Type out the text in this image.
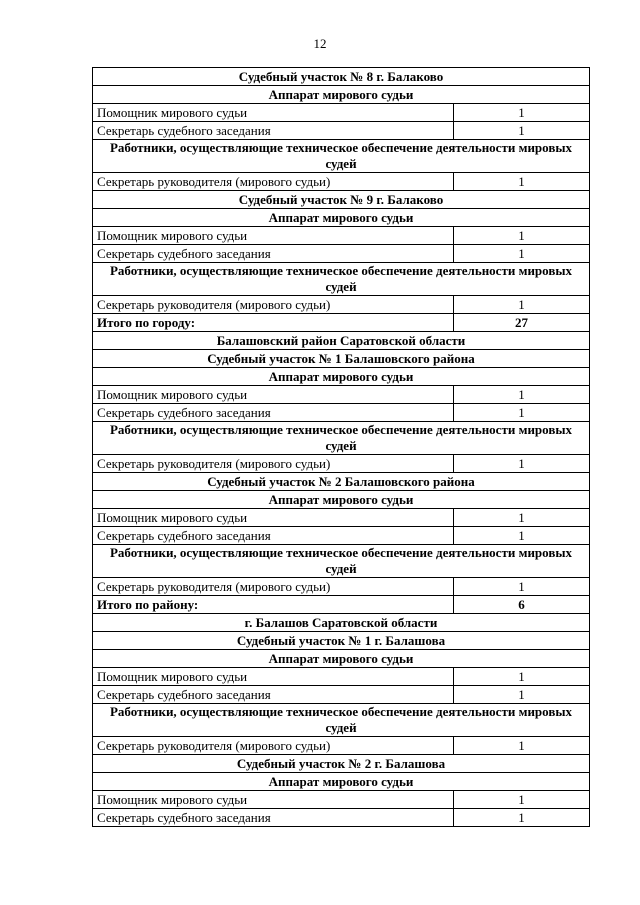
12
Судебный участок № 8 г. Балаково	
Аппарат мирового судьи	
Помощник мирового судьи	1
Секретарь судебного заседания	1
Работники, осуществляющие техническое обеспечение деятельности мировых судей	
Секретарь руководителя (мирового судьи)	1
Судебный участок № 9 г. Балаково	
Аппарат мирового судьи	
Помощник мирового судьи	1
Секретарь судебного заседания	1
Работники, осуществляющие техническое обеспечение деятельности мировых судей	
Секретарь руководителя (мирового судьи)	1
Итого по городу:	27
Балашовский район Саратовской области	
Судебный участок № 1 Балашовского района	
Аппарат мирового судьи	
Помощник мирового судьи	1
Секретарь судебного заседания	1
Работники, осуществляющие техническое обеспечение деятельности мировых судей	
Секретарь руководителя (мирового судьи)	1
Судебный участок № 2 Балашовского района	
Аппарат мирового судьи	
Помощник мирового судьи	1
Секретарь судебного заседания	1
Работники, осуществляющие техническое обеспечение деятельности мировых судей	
Секретарь руководителя (мирового судьи)	1
Итого по району:	6
г. Балашов Саратовской области	
Судебный участок № 1 г. Балашова	
Аппарат мирового судьи	
Помощник мирового судьи	1
Секретарь судебного заседания	1
Работники, осуществляющие техническое обеспечение деятельности мировых судей	
Секретарь руководителя (мирового судьи)	1
Судебный участок № 2 г. Балашова	
Аппарат мирового судьи	
Помощник мирового судьи	1
Секретарь судебного заседания	1
